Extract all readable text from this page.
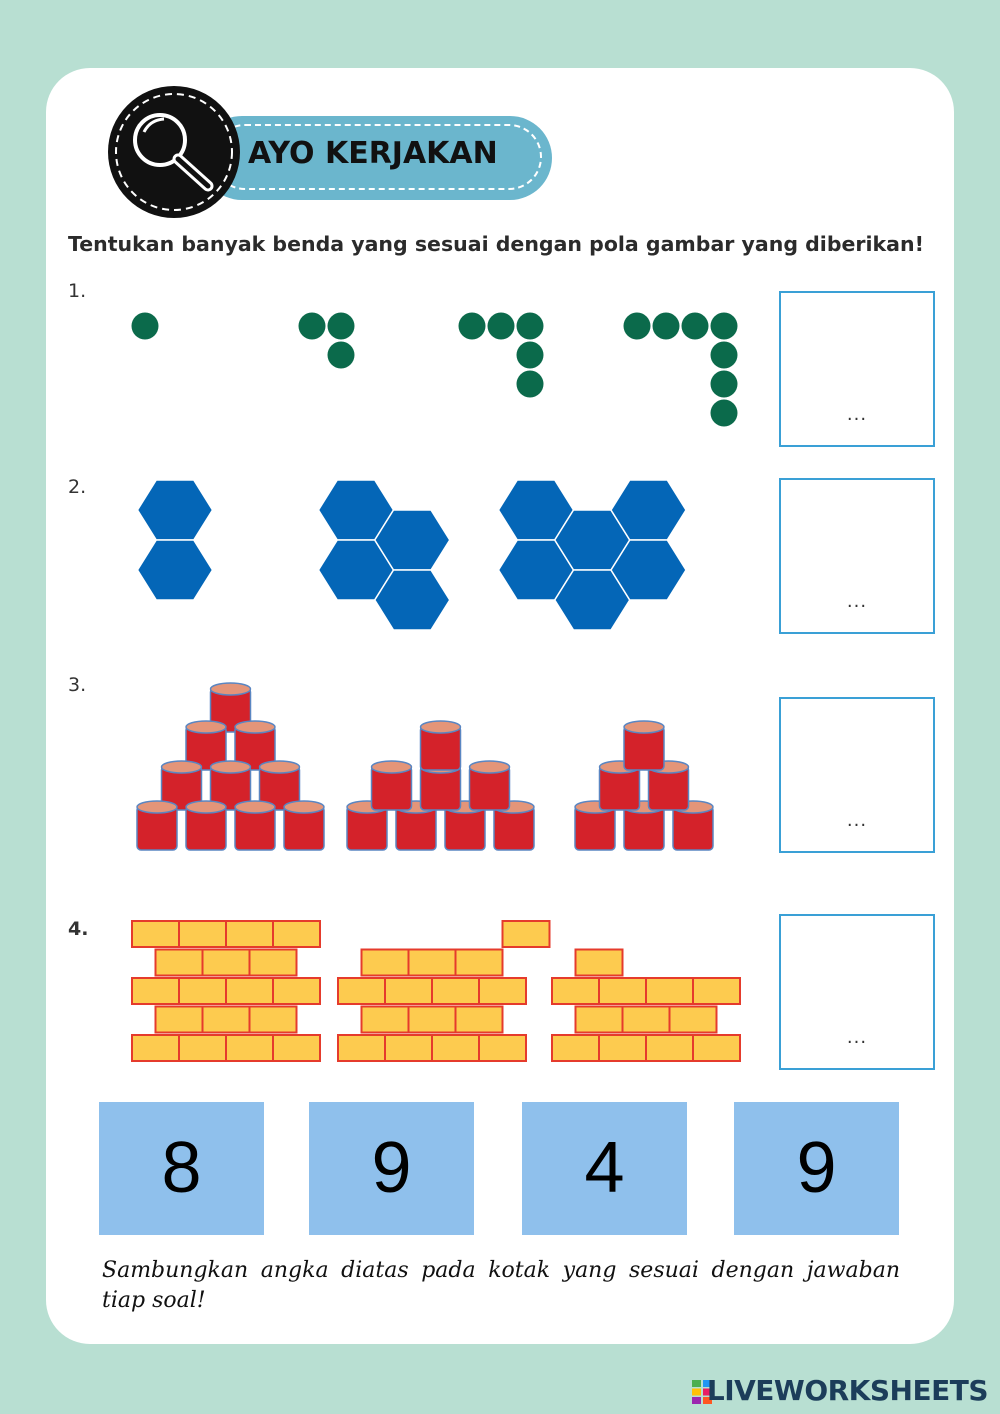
AYO KERJAKAN
Tentukan banyak benda yang sesuai dengan pola gambar yang diberikan!
1.
...
2.
...
3.
...
4.
...
8	9	4	9
Sambungkan angka diatas pada kotak yang sesuai dengan jawaban tiap soal!
LIVEWORKSHEETS
